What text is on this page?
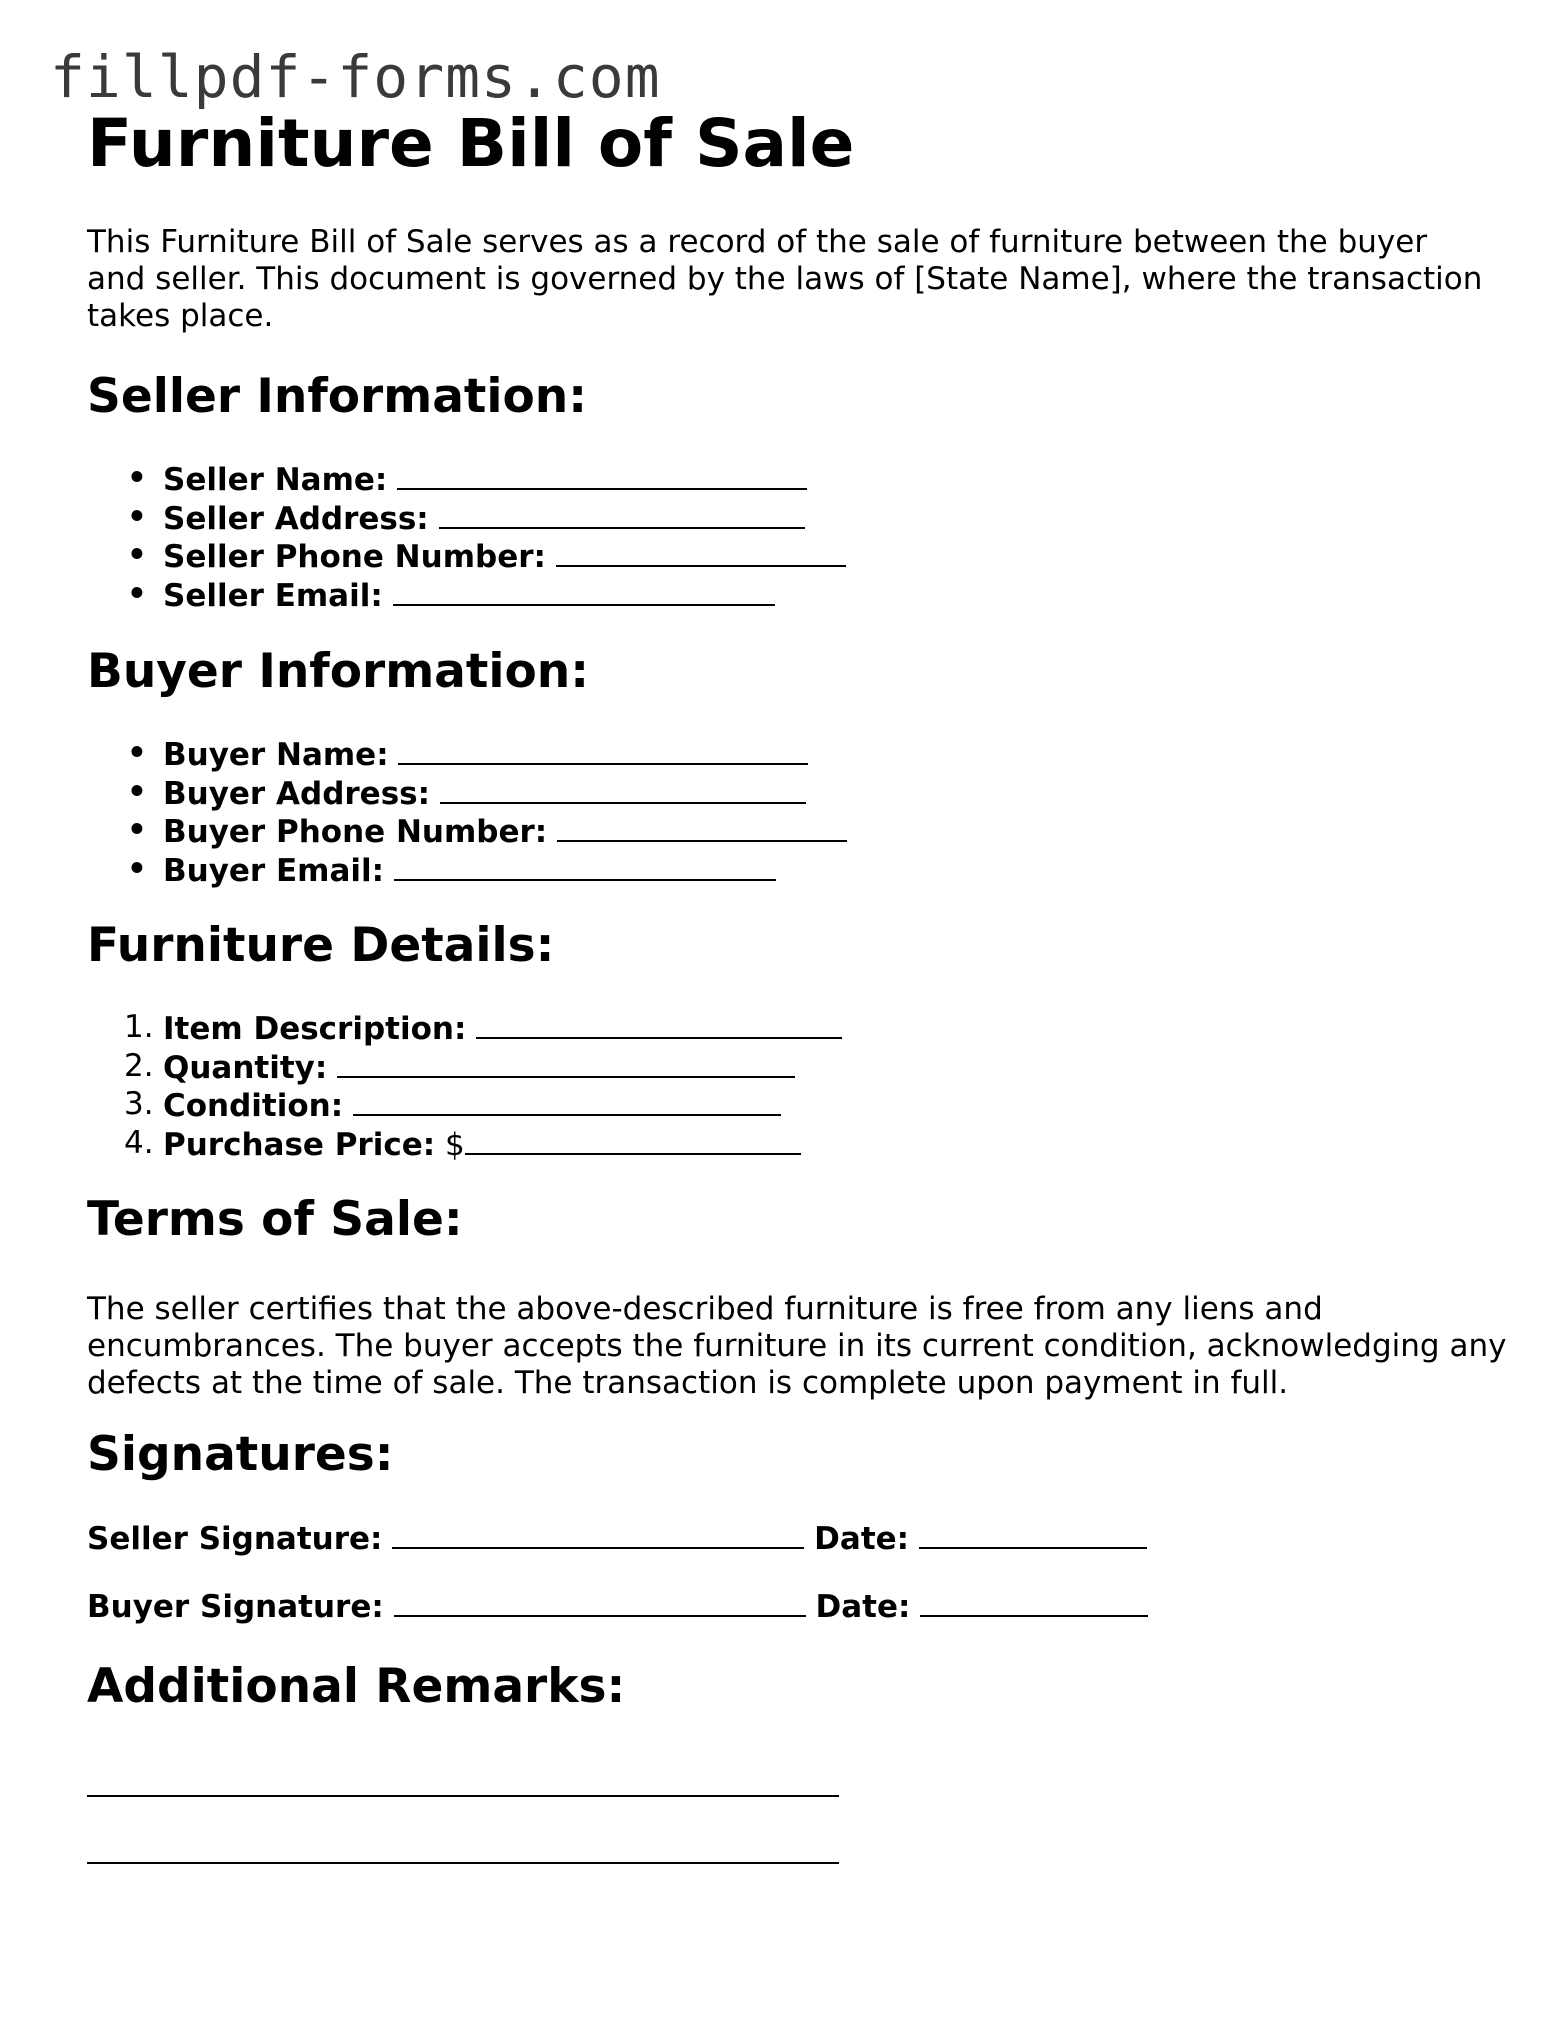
fillpdf-forms.com
Furniture Bill of Sale

This Furniture Bill of Sale serves as a record of the sale of furniture between the buyer and seller. This document is governed by the laws of [State Name], where the transaction takes place.

Seller Information:
• Seller Name:
• Seller Address:
• Seller Phone Number:
• Seller Email:
Buyer Information:
• Buyer Name:
• Buyer Address:
• Buyer Phone Number:
• Buyer Email:
Furniture Details:
1. Item Description:
2. Quantity:
3. Condition:
4. Purchase Price: $
Terms of Sale:

The seller certifies that the above-described furniture is free from any liens and encumbrances. The buyer accepts the furniture in its current condition, acknowledging any defects at the time of sale. The transaction is complete upon payment in full.

Signatures:
Seller Signature:	Date:
Buyer Signature:	Date:
Additional Remarks:
